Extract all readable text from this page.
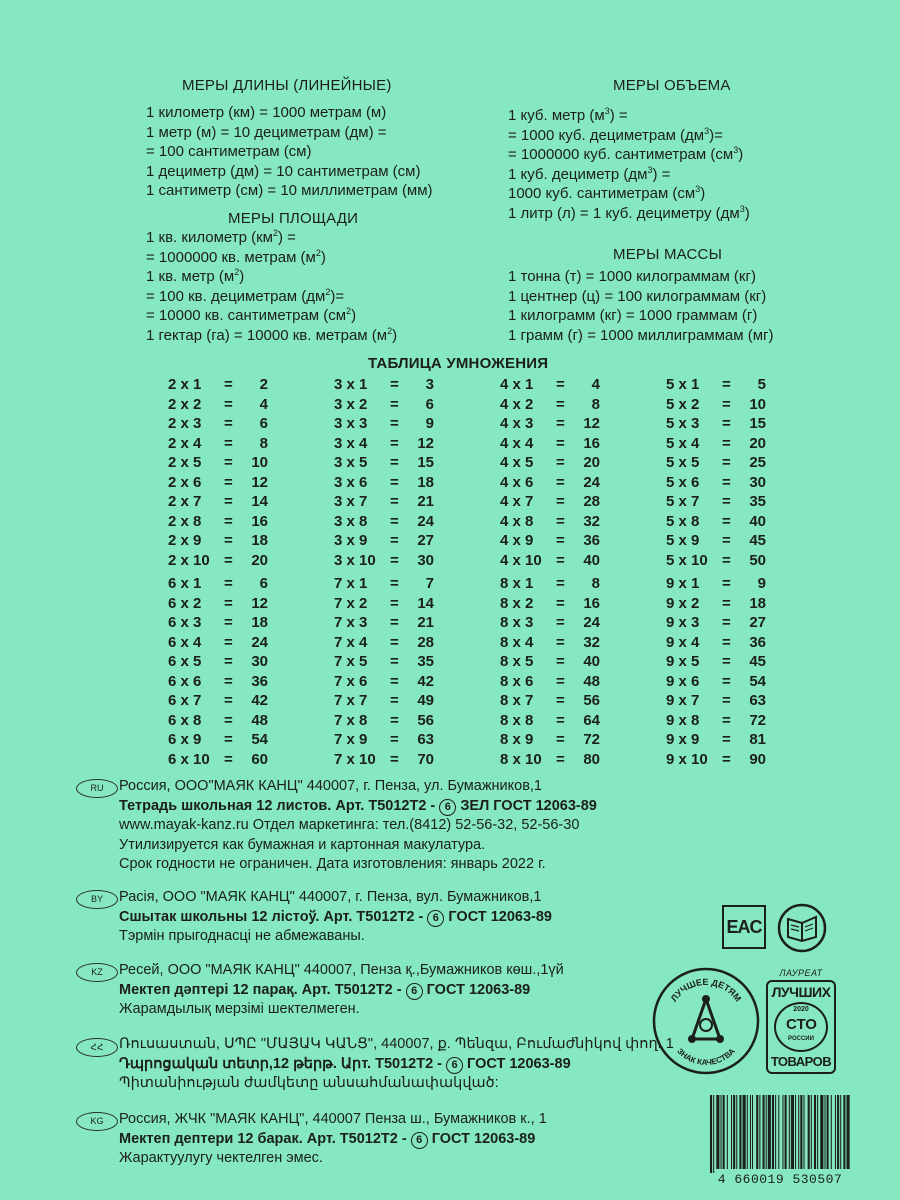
МЕРЫ ДЛИНЫ (ЛИНЕЙНЫЕ)
1 километр (км) = 1000 метрам (м)
1 метр (м) = 10 дециметрам (дм) =
= 100 сантиметрам (см)
1 дециметр (дм) = 10 сантиметрам (см)
1 сантиметр (см) = 10 миллиметрам (мм)
МЕРЫ ПЛОЩАДИ
1 кв. километр $(км^2)$ =
= 1000000 кв. метрам $(м^2)$
1 кв. метр $(м^2)$
= 100 кв. дециметрам $(дм^2)=$
= 10000 кв. сантиметрам $(см^2)$
1 гектар (га) = 10000 кв. метрам $(м^2)$
МЕРЫ ОБЪЕМА
1 куб. метр $(м^3)$ =
= 1000 куб. дециметрам $(дм^3)=$
= 1000000 куб. сантиметрам $(см^3)$
1 куб. дециметр $(дм^3)$ =
1000 куб. сантиметрам $(см^3)$
1 литр (л) = 1 куб. дециметру $(дм^3)$
МЕРЫ МАССЫ
1 тонна (т) = 1000 килограммам (кг)
1 центнер (ц) = 100 килограммам (кг)
1 килограмм (кг) = 1000 граммам (г)
1 грамм (г) = 1000 миллиграммам (мг)
ТАБЛИЦА УМНОЖЕНИЯ
2 x 1 = 2
2 x 2 = 4
2 x 3 = 6
2 x 4 = 8
2 x 5 = 10
2 x 6 = 12
2 x 7 = 14
2 x 8 = 16
2 x 9 = 18
2 x 10 = 20
3 x 1 = 3
3 x 2 = 6
3 x 3 = 9
3 x 4 = 12
3 x 5 = 15
3 x 6 = 18
3 x 7 = 21
3 x 8 = 24
3 x 9 = 27
3 x 10 = 30
4 x 1 = 4
4 x 2 = 8
4 x 3 = 12
4 x 4 = 16
4 x 5 = 20
4 x 6 = 24
4 x 7 = 28
4 x 8 = 32
4 x 9 = 36
4 x 10 = 40
5 x 1 = 5
5 x 2 = 10
5 x 3 = 15
5 x 4 = 20
5 x 5 = 25
5 x 6 = 30
5 x 7 = 35
5 x 8 = 40
5 x 9 = 45
5 x 10 = 50
6 x 1 = 6
6 x 2 = 12
6 x 3 = 18
6 x 4 = 24
6 x 5 = 30
6 x 6 = 36
6 x 7 = 42
6 x 8 = 48
6 x 9 = 54
6 x 10 = 60
7 x 1 = 7
7 x 2 = 14
7 x 3 = 21
7 x 4 = 28
7 x 5 = 35
7 x 6 = 42
7 x 7 = 49
7 x 8 = 56
7 x 9 = 63
7 x 10 = 70
8 x 1 = 8
8 x 2 = 16
8 x 3 = 24
8 x 4 = 32
8 x 5 = 40
8 x 6 = 48
8 x 7 = 56
8 x 8 = 64
8 x 9 = 72
8 x 10 = 80
9 x 1 = 9
9 x 2 = 18
9 x 3 = 27
9 x 4 = 36
9 x 5 = 45
9 x 6 = 54
9 x 7 = 63
9 x 8 = 72
9 x 9 = 81
9 x 10 = 90
RU	Россия, ООО"МАЯК КАНЦ" 440007, г. Пенза, ул. Бумажников,1
Тетрадь школьная 12 листов. Арт. Т5012Т2 - 6 ЗЕЛ ГОСТ 12063-89
www.mayak-kanz.ru Отдел маркетинга: тел.(8412) 52-56-32, 52-56-30
Утилизируется как бумажная и картонная макулатура.
Срок годности не ограничен. Дата изготовления: январь 2022 г.
BY	Расія, ООО "МАЯК КАНЦ" 440007, г. Пенза, вул. Бумажников,1
Сшытак школьны 12 лістоў. Арт. Т5012Т2 - 6 ГОСТ 12063-89
Тэрмін прыгоднасці не абмежаваны.
KZ	Ресей, ООО "МАЯК КАНЦ" 440007, Пенза қ.,Бумажников көш.,1үй
Мектеп дәптері 12 парақ. Арт. Т5012Т2 - 6 ГОСТ 12063-89
Жарамдылық мерзімі шектелмеген.
ՀՀ	Ռուսաստան, ՍՊԸ "ՄԱՅԱԿ ԿԱՆՑ", 440007, ք. Պենզա, Բումաժնիկով փող. 1
Դպրոցական տետր,12 թերթ. Արт. Т5012Т2 - 6 ГОСТ 12063-89
Պիտանիության ժամկետը անսահմանափակված:
KG	Россия, ЖЧК "МАЯК КАНЦ", 440007 Пенза ш., Бумажников к., 1
Мектеп дептери 12 барак. Арт. Т5012Т2 - 6 ГОСТ 12063-89
Жарактуулугу чектелген эмес.
EAC
ЛУЧШЕЕ ДЕТЯМ
ЗНАК КАЧЕСТВА
ЛАУРЕАТ
ЛУЧШИХ
2020
СТО
РОССИИ
ТОВАРОВ
4 660019 530507
